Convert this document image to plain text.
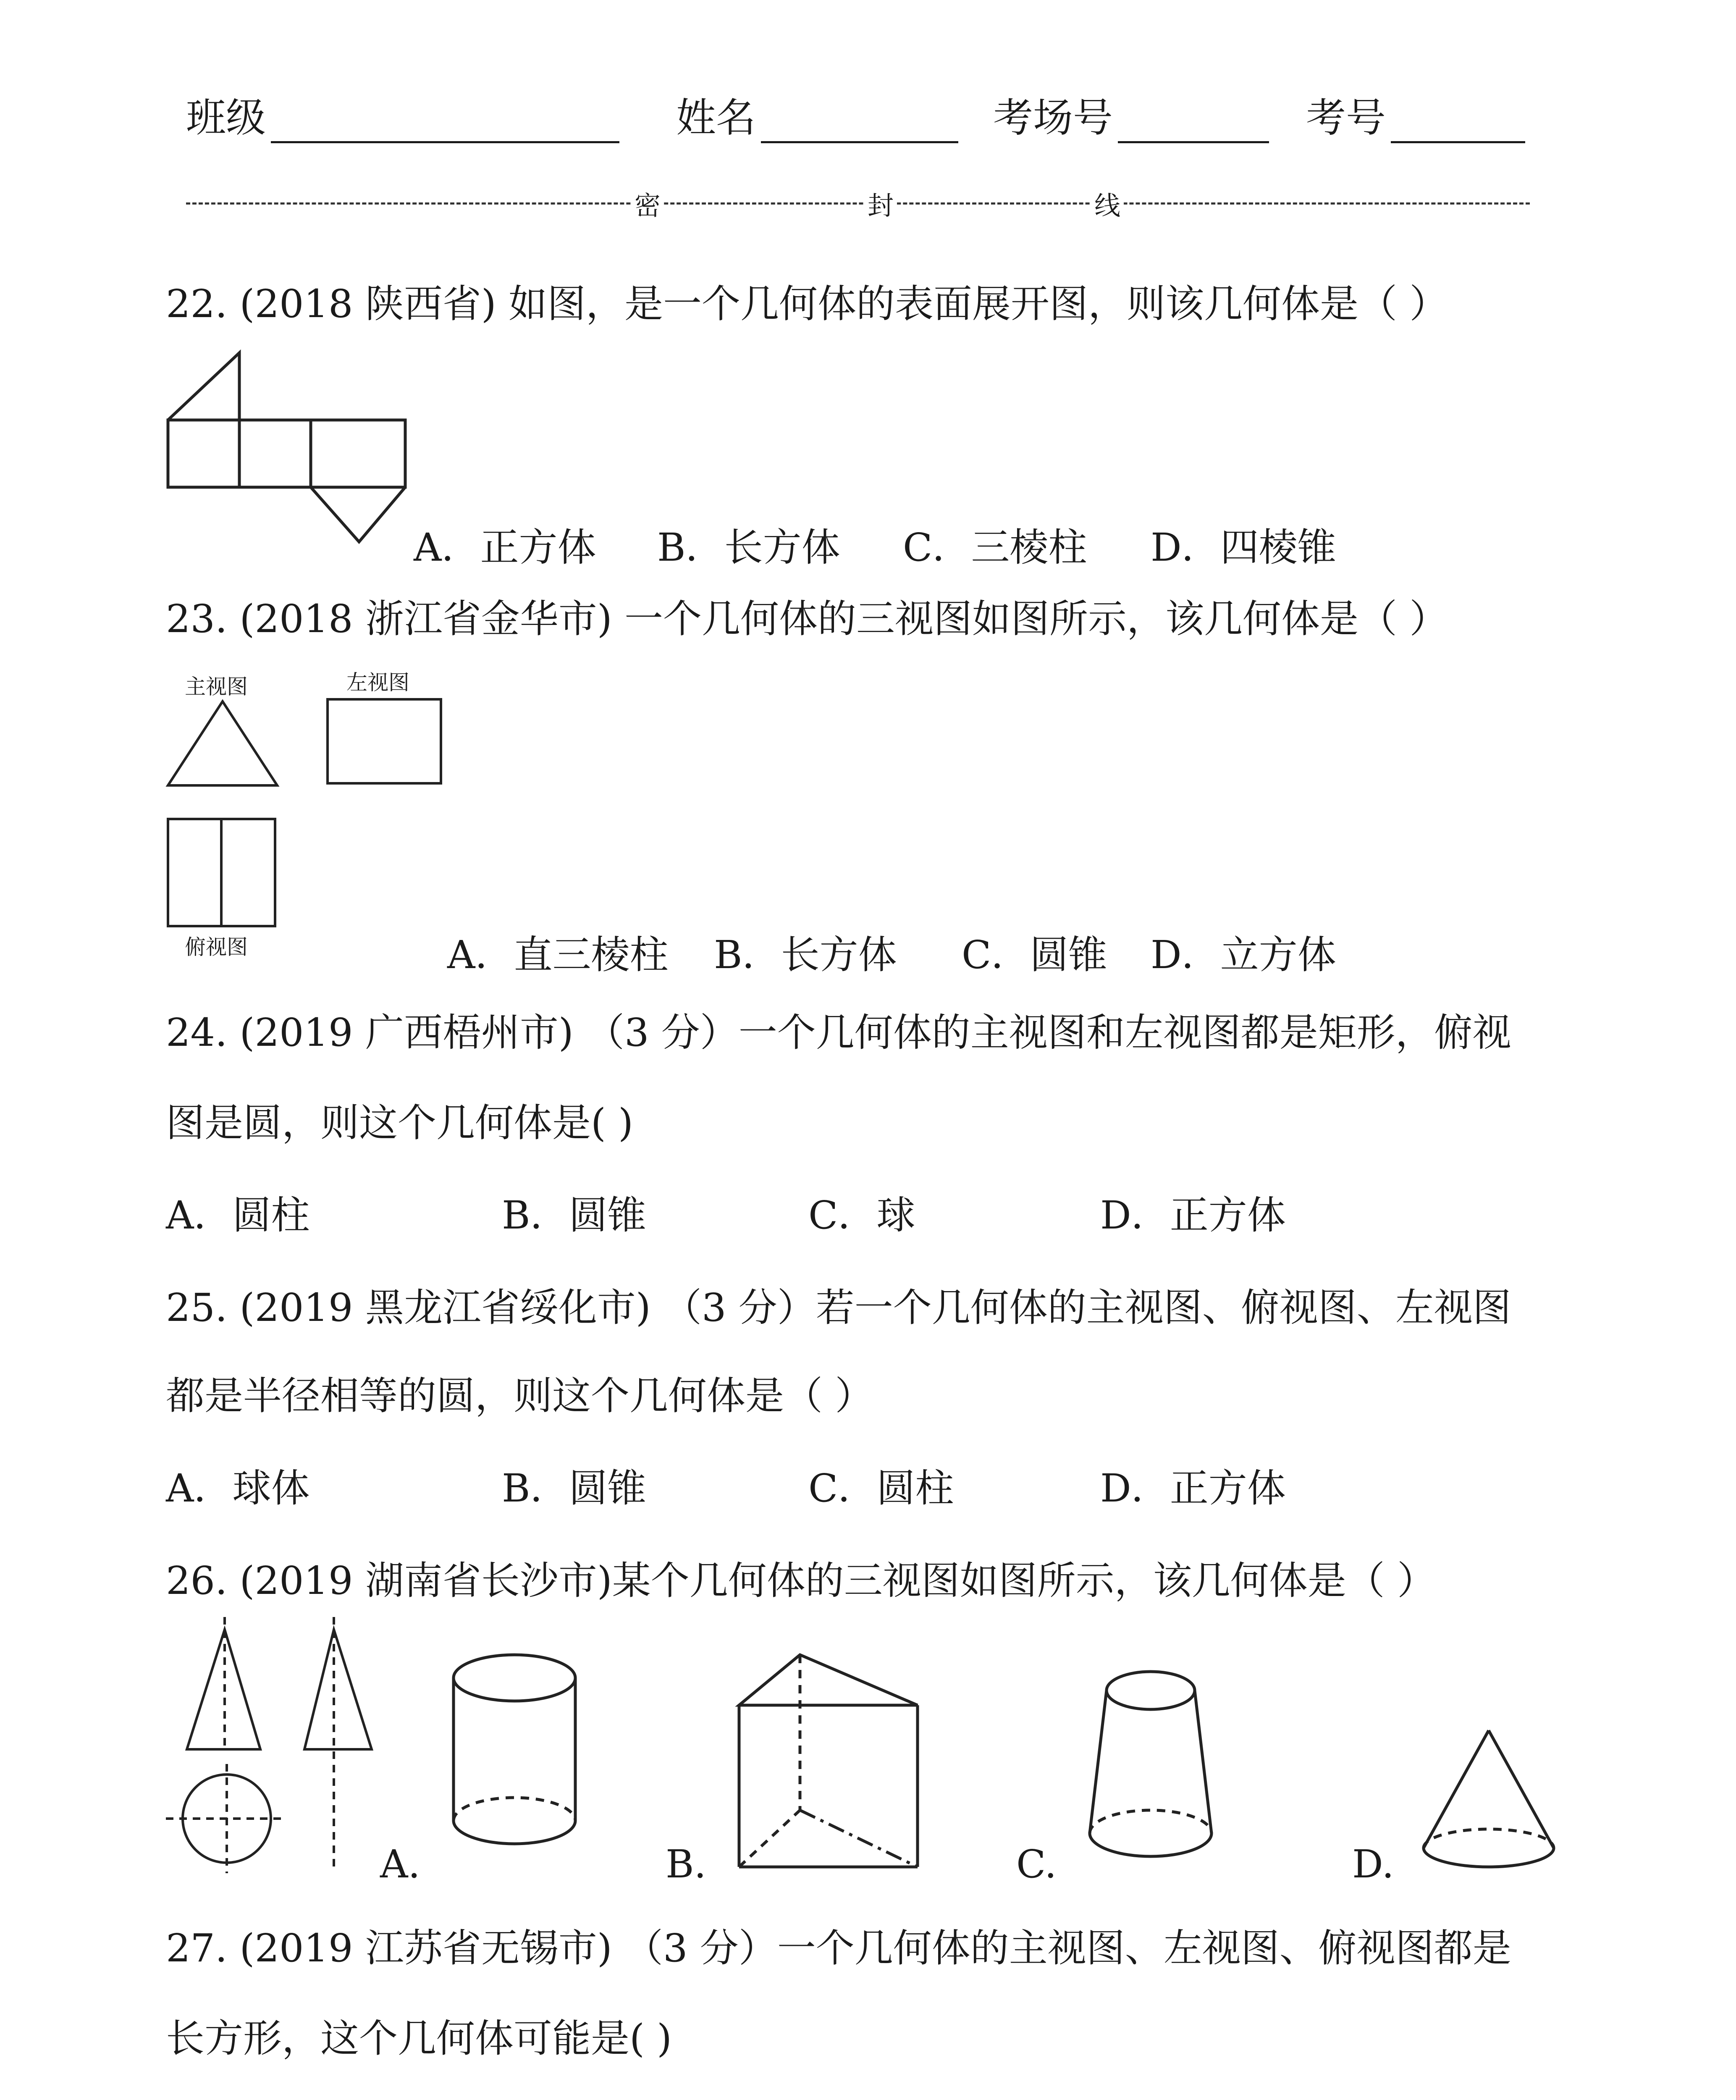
班级	姓名	考场号	考号
密	封	线
22. (2018 陕西省) 如图，是一个几何体的表面展开图，则该几何体是（ ）
A．正方体 B．长方体 C．三棱柱 D．四棱锥
23. (2018 浙江省金华市) 一个几何体的三视图如图所示，该几何体是（ ）
主视图	左视图
俯视图	A．直三棱柱 B．长方体 C．圆锥 D．立方体
24. (2019 广西梧州市) （3 分）一个几何体的主视图和左视图都是矩形，俯视
图是圆，则这个几何体是( )
A．圆柱	B．圆锥	C．球	D．正方体
25. (2019 黑龙江省绥化市) （3 分）若一个几何体的主视图、俯视图、左视图
都是半径相等的圆，则这个几何体是（ ）
A．球体	B．圆锥	C．圆柱	D．正方体
26. (2019 湖南省长沙市)某个几何体的三视图如图所示，该几何体是（ ）
A.	B.	C.	D.
27. (2019 江苏省无锡市) （3 分）一个几何体的主视图、左视图、俯视图都是
长方形，这个几何体可能是( )
